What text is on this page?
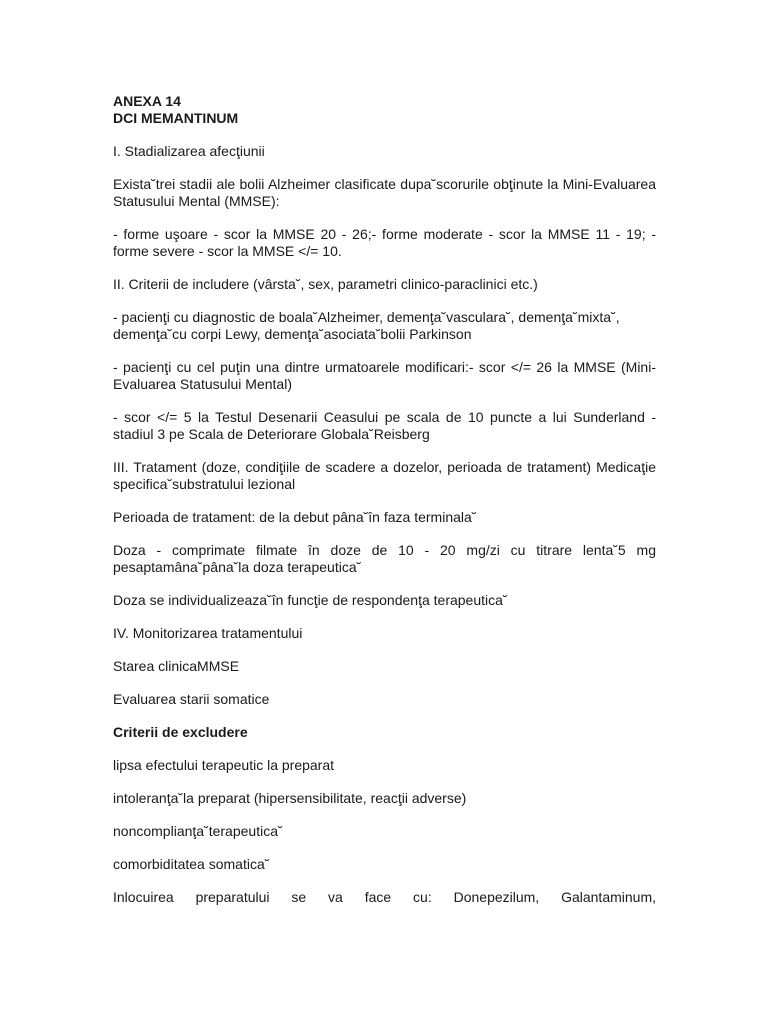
ANEXA 14

DCI MEMANTINUM

I. Stadializarea afecţiunii

Exista˘trei stadii ale bolii Alzheimer clasificate dupa˘scorurile obţinute la Mini-Evaluarea Statusului Mental (MMSE):

- forme uşoare - scor la MMSE 20 - 26;- forme moderate - scor la MMSE 11 - 19; - forme severe - scor la MMSE </= 10.

II. Criterii de includere (vârsta˘, sex, parametri clinico-paraclinici etc.)

- pacienţi cu diagnostic de boala˘Alzheimer, demenţa˘vasculara˘, demenţa˘mixta˘, demenţa˘cu corpi Lewy, demenţa˘asociata˘bolii Parkinson

- pacienţi cu cel puţin una dintre urmatoarele modificari:- scor </= 26 la MMSE (Mini-Evaluarea Statusului Mental)

- scor </= 5 la Testul Desenarii Ceasului pe scala de 10 puncte a lui Sunderland - stadiul 3 pe Scala de Deteriorare Globala˘Reisberg

III. Tratament (doze, condiţiile de scadere a dozelor, perioada de tratament) Medicaţie specifica˘substratului lezional

Perioada de tratament: de la debut pâna˘în faza terminala˘

Doza - comprimate filmate în doze de 10 - 20 mg/zi cu titrare lenta˘5 mg pesaptamâna˘pâna˘la doza terapeutica˘

Doza se individualizeaza˘în funcţie de respondenţa terapeutica˘

IV. Monitorizarea tratamentului

Starea clinicaMMSE

Evaluarea starii somatice

Criterii de excludere

lipsa efectului terapeutic la preparat

intoleranţa˘la preparat (hipersensibilitate, reacţii adverse)

noncomplianţa˘terapeutica˘

comorbiditatea somatica˘

Inlocuirea preparatului se va face cu: Donepezilum, Galantaminum,
